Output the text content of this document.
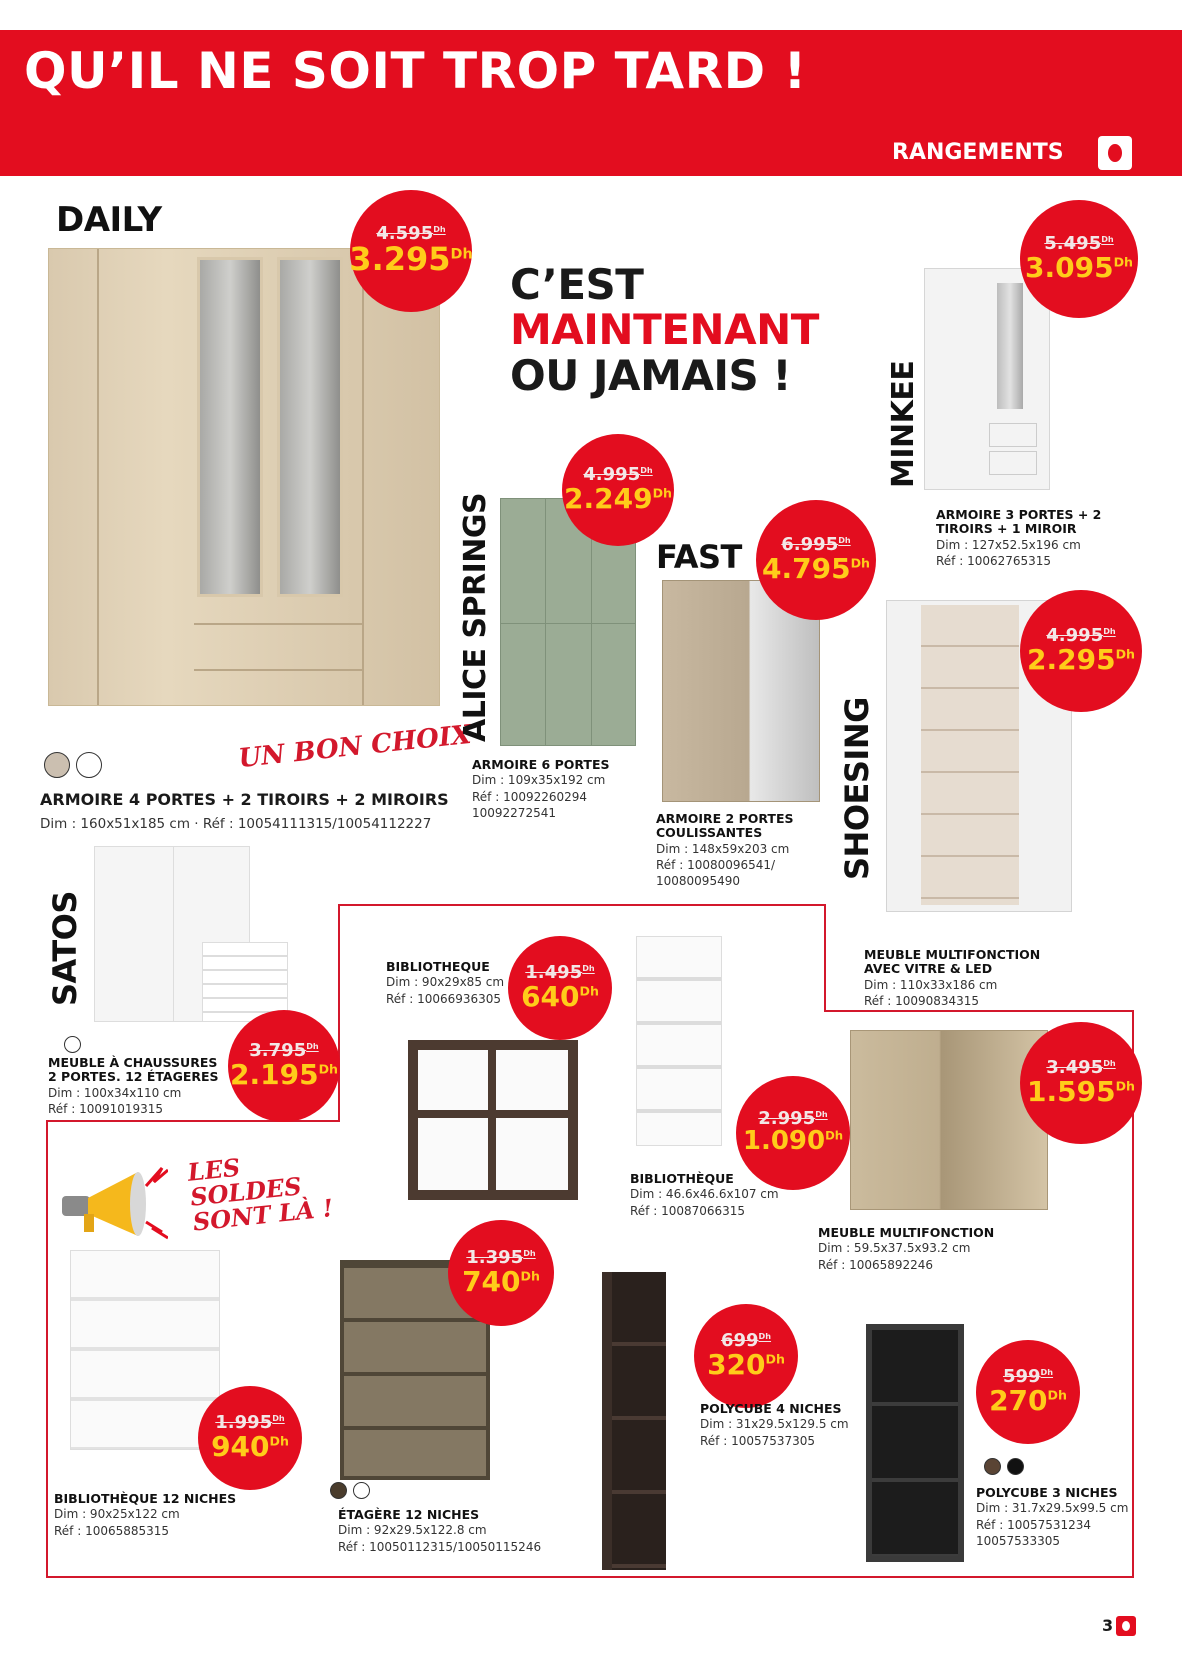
QU’IL NE SOIT TROP TARD !
RANGEMENTS
DAILY	$4.595^{Dh}$
$3.295^{Dh}$
UN BON CHOIX
ARMOIRE 4 PORTES + 2 TIROIRS + 2 MIROIRS
Dim : 160x51x185 cm · Réf : 10054111315/10054112227
C’EST
MAINTENANT
OU JAMAIS !
ALICE SPRINGS
$4.995^{Dh}$
$2.249^{Dh}$
ARMOIRE 6 PORTES
Dim : 109x35x192 cm
Réf : 10092260294
10092272541
FAST $6.995^{Dh}$
$4.795^{Dh}$
ARMOIRE 2 PORTES COULISSANTES
Dim : 148x59x203 cm
Réf : 10080096541/
10080095490
MINKEE
$5.495^{Dh}$
$3.095^{Dh}$
ARMOIRE 3 PORTES + 2 TIROIRS + 1 MIROIR
Dim : 127x52.5x196 cm
Réf : 10062765315
SHOESING
$4.995^{Dh}$
$2.295^{Dh}$
MEUBLE MULTIFONCTION AVEC VITRE & LED
Dim : 110x33x186 cm
Réf : 10090834315
SATOS
$3.795^{Dh}$
$2.195^{Dh}$
MEUBLE À CHAUSSURES 2 PORTES. 12 ÉTAGERES
Dim : 100x34x110 cm
Réf : 10091019315
BIBLIOTHEQUE
Dim : 90x29x85 cm
Réf : 10066936305
$1.495^{Dh}$
$640^{Dh}$
$2.995^{Dh}$
$1.090^{Dh}$
BIBLIOTHÈQUE
Dim : 46.6x46.6x107 cm
Réf : 10087066315
$3.495^{Dh}$
$1.595^{Dh}$
MEUBLE MULTIFONCTION
Dim : 59.5x37.5x93.2 cm
Réf : 10065892246
LES SOLDES SONT LÀ !
$1.995^{Dh}$
$940^{Dh}$
BIBLIOTHÈQUE 12 NICHES
Dim : 90x25x122 cm
Réf : 10065885315
$1.395^{Dh}$
$740^{Dh}$
ÉTAGÈRE 12 NICHES
Dim : 92x29.5x122.8 cm
Réf : 10050112315/10050115246
$699^{Dh}$
$320^{Dh}$
POLYCUBE 4 NICHES
Dim : 31x29.5x129.5 cm
Réf : 10057537305
$599^{Dh}$
$270^{Dh}$
POLYCUBE 3 NICHES
Dim : 31.7x29.5x99.5 cm
Réf : 10057531234
10057533305
3
